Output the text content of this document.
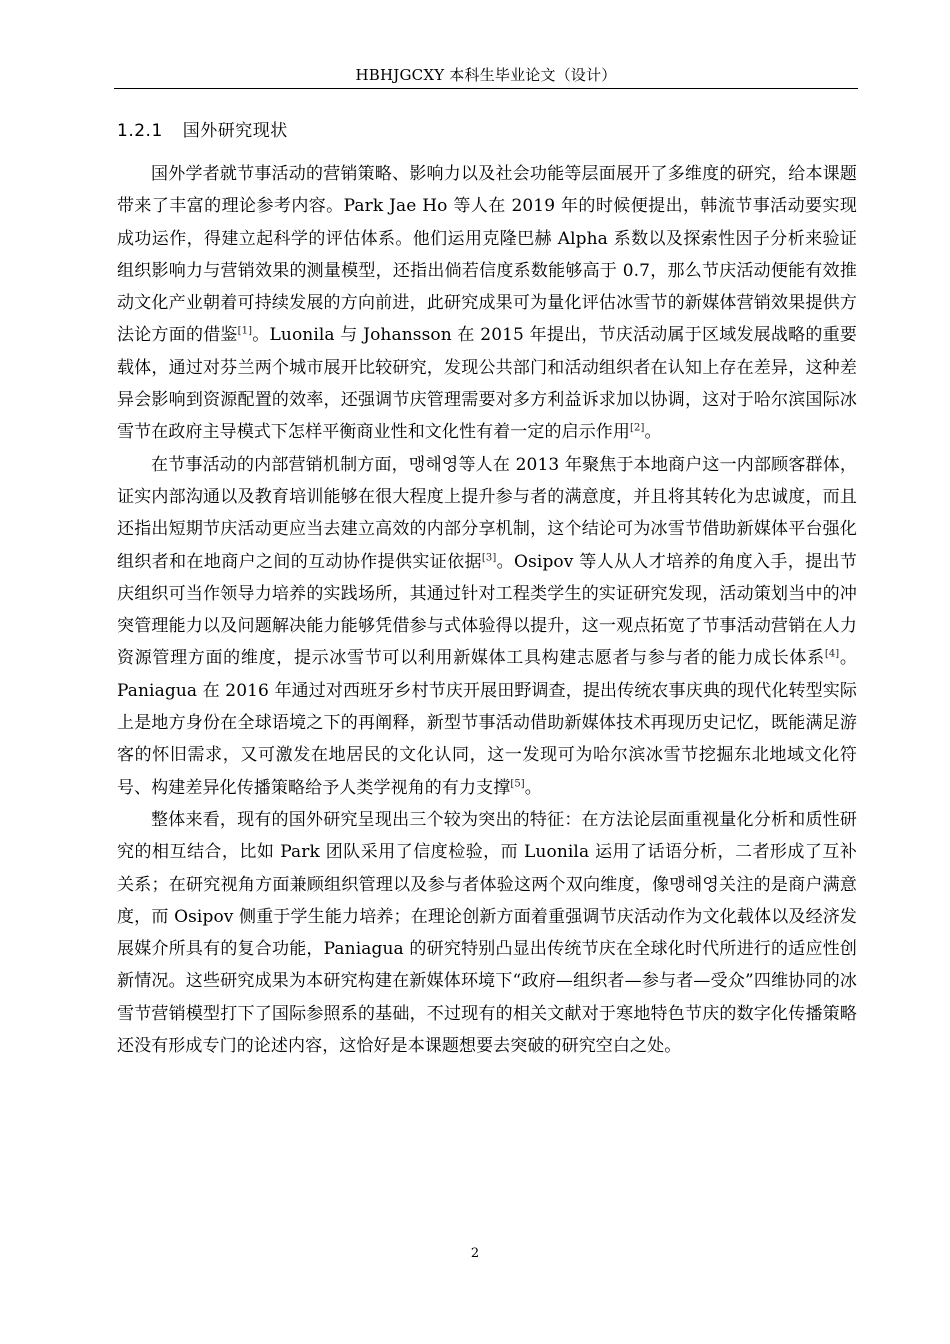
HBHJGCXY 本科生毕业论文（设计）
1.2.1 国外研究现状

国外学者就节事活动的营销策略、影响力以及社会功能等层面展开了多维度的研究，给本课题带来了丰富的理论参考内容。Park Jae Ho 等人在 2019 年的时候便提出，韩流节事活动要实现成功运作，得建立起科学的评估体系。他们运用克隆巴赫 Alpha 系数以及探索性因子分析来验证组织影响力与营销效果的测量模型，还指出倘若信度系数能够高于 0.7，那么节庆活动便能有效推动文化产业朝着可持续发展的方向前进，此研究成果可为量化评估冰雪节的新媒体营销效果提供方法论方面的借鉴[1]。Luonila 与 Johansson 在 2015 年提出，节庆活动属于区域发展战略的重要载体，通过对芬兰两个城市展开比较研究，发现公共部门和活动组织者在认知上存在差异，这种差异会影响到资源配置的效率，还强调节庆管理需要对多方利益诉求加以协调，这对于哈尔滨国际冰雪节在政府主导模式下怎样平衡商业性和文化性有着一定的启示作用[2]。

在节事活动的内部营销机制方面，맹해영等人在 2013 年聚焦于本地商户这一内部顾客群体，证实内部沟通以及教育培训能够在很大程度上提升参与者的满意度，并且将其转化为忠诚度，而且还指出短期节庆活动更应当去建立高效的内部分享机制，这个结论可为冰雪节借助新媒体平台强化组织者和在地商户之间的互动协作提供实证依据[3]。Osipov 等人从人才培养的角度入手，提出节庆组织可当作领导力培养的实践场所，其通过针对工程类学生的实证研究发现，活动策划当中的冲突管理能力以及问题解决能力能够凭借参与式体验得以提升，这一观点拓宽了节事活动营销在人力资源管理方面的维度，提示冰雪节可以利用新媒体工具构建志愿者与参与者的能力成长体系[4]。Paniagua 在 2016 年通过对西班牙乡村节庆开展田野调查，提出传统农事庆典的现代化转型实际上是地方身份在全球语境之下的再阐释，新型节事活动借助新媒体技术再现历史记忆，既能满足游客的怀旧需求，又可激发在地居民的文化认同，这一发现可为哈尔滨冰雪节挖掘东北地域文化符号、构建差异化传播策略给予人类学视角的有力支撑[5]。

整体来看，现有的国外研究呈现出三个较为突出的特征：在方法论层面重视量化分析和质性研究的相互结合，比如 Park 团队采用了信度检验，而 Luonila 运用了话语分析，二者形成了互补关系；在研究视角方面兼顾组织管理以及参与者体验这两个双向维度，像맹해영关注的是商户满意度，而 Osipov 侧重于学生能力培养；在理论创新方面着重强调节庆活动作为文化载体以及经济发展媒介所具有的复合功能，Paniagua 的研究特别凸显出传统节庆在全球化时代所进行的适应性创新情况。这些研究成果为本研究构建在新媒体环境下“政府—组织者—参与者—受众”四维协同的冰雪节营销模型打下了国际参照系的基础，不过现有的相关文献对于寒地特色节庆的数字化传播策略还没有形成专门的论述内容，这恰好是本课题想要去突破的研究空白之处。

2
